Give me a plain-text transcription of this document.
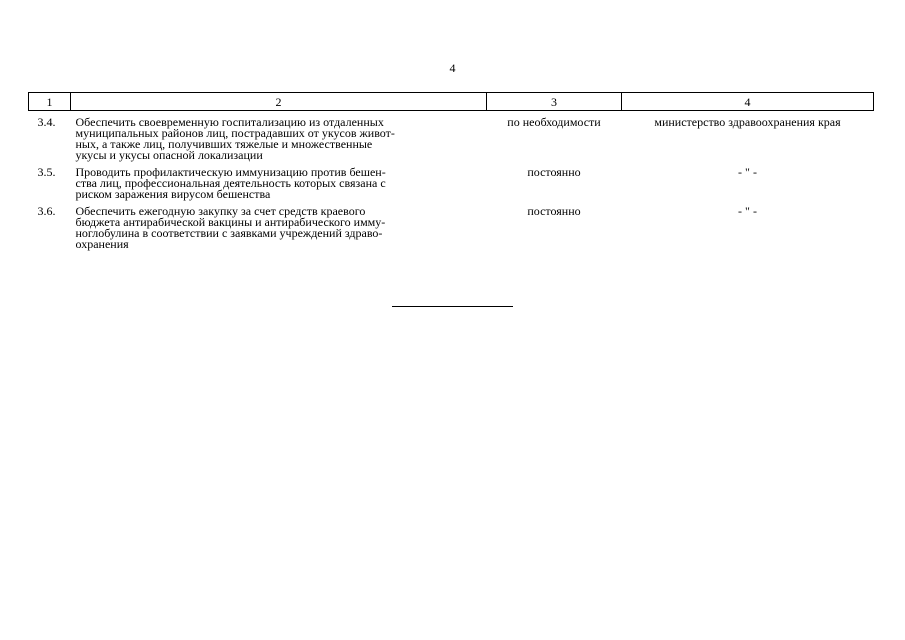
4
1	2	3	4
3.4.	Обеспечить своевременную госпитализацию из отдаленных
муниципальных районов лиц, пострадавших от укусов живот-
ных, а также лиц, получивших тяжелые и множественные
укусы и укусы опасной локализации	по необходимости	министерство здравоохранения края
3.5.	Проводить профилактическую иммунизацию против бешен-
ства лиц, профессиональная деятельность которых связана с
риском заражения вирусом бешенства	постоянно	- " -
3.6.	Обеспечить ежегодную закупку за счет средств краевого
бюджета антирабической вакцины и антирабического имму-
ноглобулина в соответствии с заявками учреждений здраво-
охранения	постоянно	- " -
